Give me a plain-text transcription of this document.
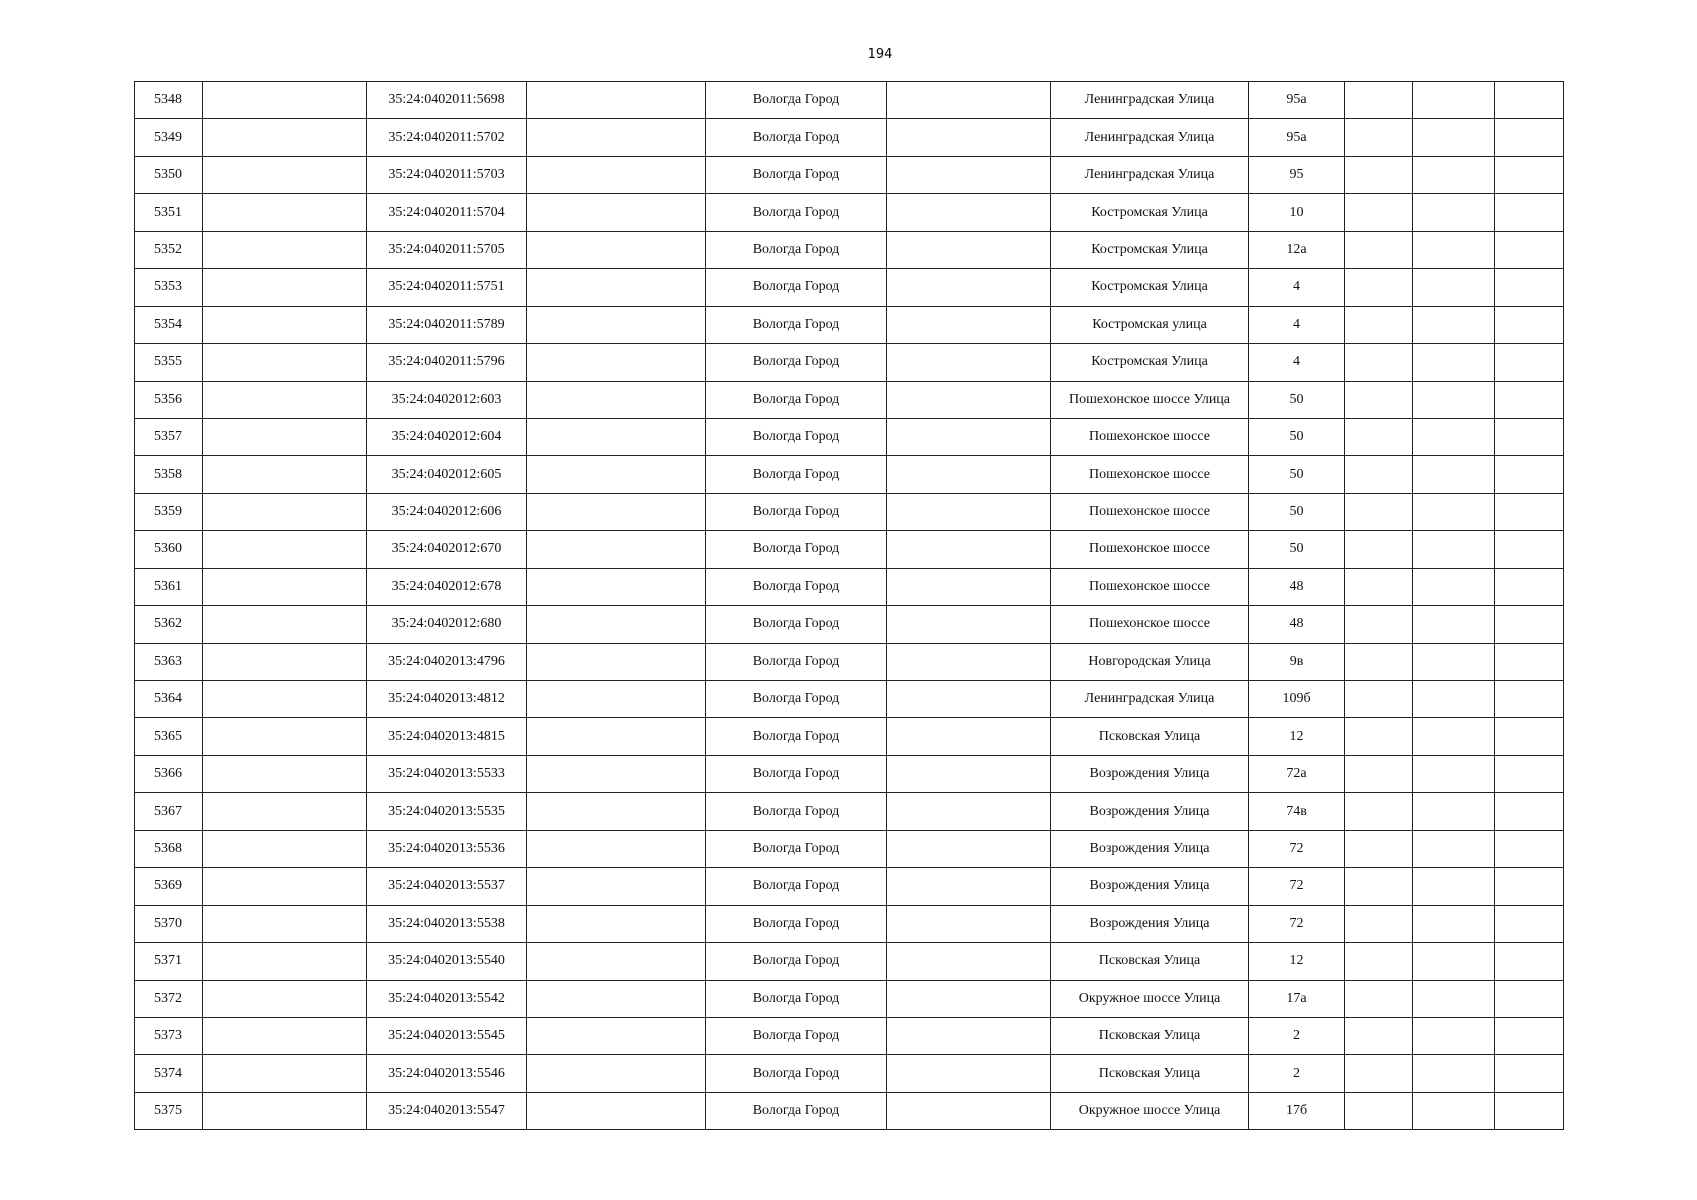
194
5348		35:24:0402011:5698		Вологда Город		Ленинградская Улица	95а			
5349		35:24:0402011:5702		Вологда Город		Ленинградская Улица	95а			
5350		35:24:0402011:5703		Вологда Город		Ленинградская Улица	95			
5351		35:24:0402011:5704		Вологда Город		Костромская Улица	10			
5352		35:24:0402011:5705		Вологда Город		Костромская Улица	12а			
5353		35:24:0402011:5751		Вологда Город		Костромская Улица	4			
5354		35:24:0402011:5789		Вологда Город		Костромская улица	4			
5355		35:24:0402011:5796		Вологда Город		Костромская Улица	4			
5356		35:24:0402012:603		Вологда Город		Пошехонское шоссе Улица	50			
5357		35:24:0402012:604		Вологда Город		Пошехонское шоссе	50			
5358		35:24:0402012:605		Вологда Город		Пошехонское шоссе	50			
5359		35:24:0402012:606		Вологда Город		Пошехонское шоссе	50			
5360		35:24:0402012:670		Вологда Город		Пошехонское шоссе	50			
5361		35:24:0402012:678		Вологда Город		Пошехонское шоссе	48			
5362		35:24:0402012:680		Вологда Город		Пошехонское шоссе	48			
5363		35:24:0402013:4796		Вологда Город		Новгородская Улица	9в			
5364		35:24:0402013:4812		Вологда Город		Ленинградская Улица	109б			
5365		35:24:0402013:4815		Вологда Город		Псковская Улица	12			
5366		35:24:0402013:5533		Вологда Город		Возрождения Улица	72а			
5367		35:24:0402013:5535		Вологда Город		Возрождения Улица	74в			
5368		35:24:0402013:5536		Вологда Город		Возрождения Улица	72			
5369		35:24:0402013:5537		Вологда Город		Возрождения Улица	72			
5370		35:24:0402013:5538		Вологда Город		Возрождения Улица	72			
5371		35:24:0402013:5540		Вологда Город		Псковская Улица	12			
5372		35:24:0402013:5542		Вологда Город		Окружное шоссе Улица	17а			
5373		35:24:0402013:5545		Вологда Город		Псковская Улица	2			
5374		35:24:0402013:5546		Вологда Город		Псковская Улица	2			
5375		35:24:0402013:5547		Вологда Город		Окружное шоссе Улица	17б			
